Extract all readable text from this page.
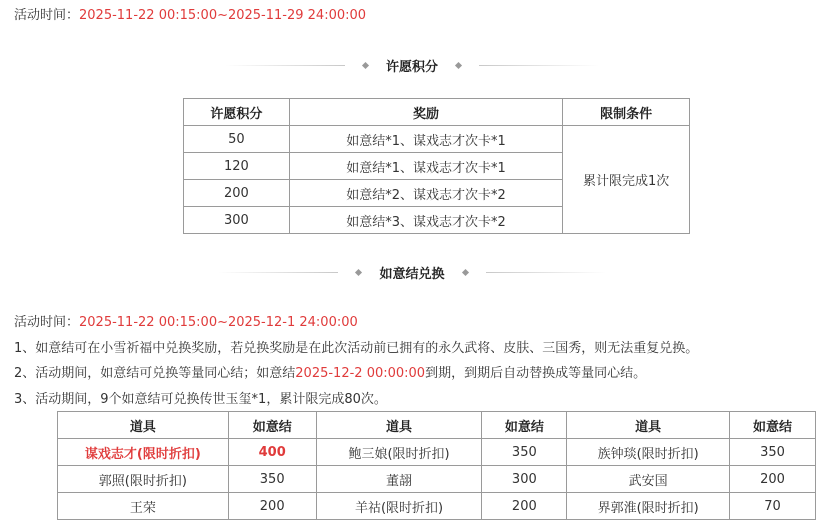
活动时间：2025-11-22 00:15:00~2025-11-29 24:00:00
许愿积分
许愿积分	奖励	限制条件
50	如意结*1、谋戏志才次卡*1	累计限完成1次
120	如意结*1、谋戏志才次卡*1	
200	如意结*2、谋戏志才次卡*2	
300	如意结*3、谋戏志才次卡*2	
如意结兑换
活动时间：2025-11-22 00:15:00~2025-12-1 24:00:00
1、如意结可在小雪祈福中兑换奖励，若兑换奖励是在此次活动前已拥有的永久武将、皮肤、三国秀，则无法重复兑换。
2、活动期间，如意结可兑换等量同心结；如意结2025-12-2 00:00:00到期，到期后自动替换成等量同心结。
3、活动期间，9个如意结可兑换传世玉玺*1，累计限完成80次。
道具	如意结	道具	如意结	道具	如意结
谋戏志才(限时折扣)	400	鲍三娘(限时折扣)	350	族钟琰(限时折扣)	350
郭照(限时折扣)	350	董翓	300	武安国	200
王荣	200	羊祜(限时折扣)	200	界郭淮(限时折扣)	70
